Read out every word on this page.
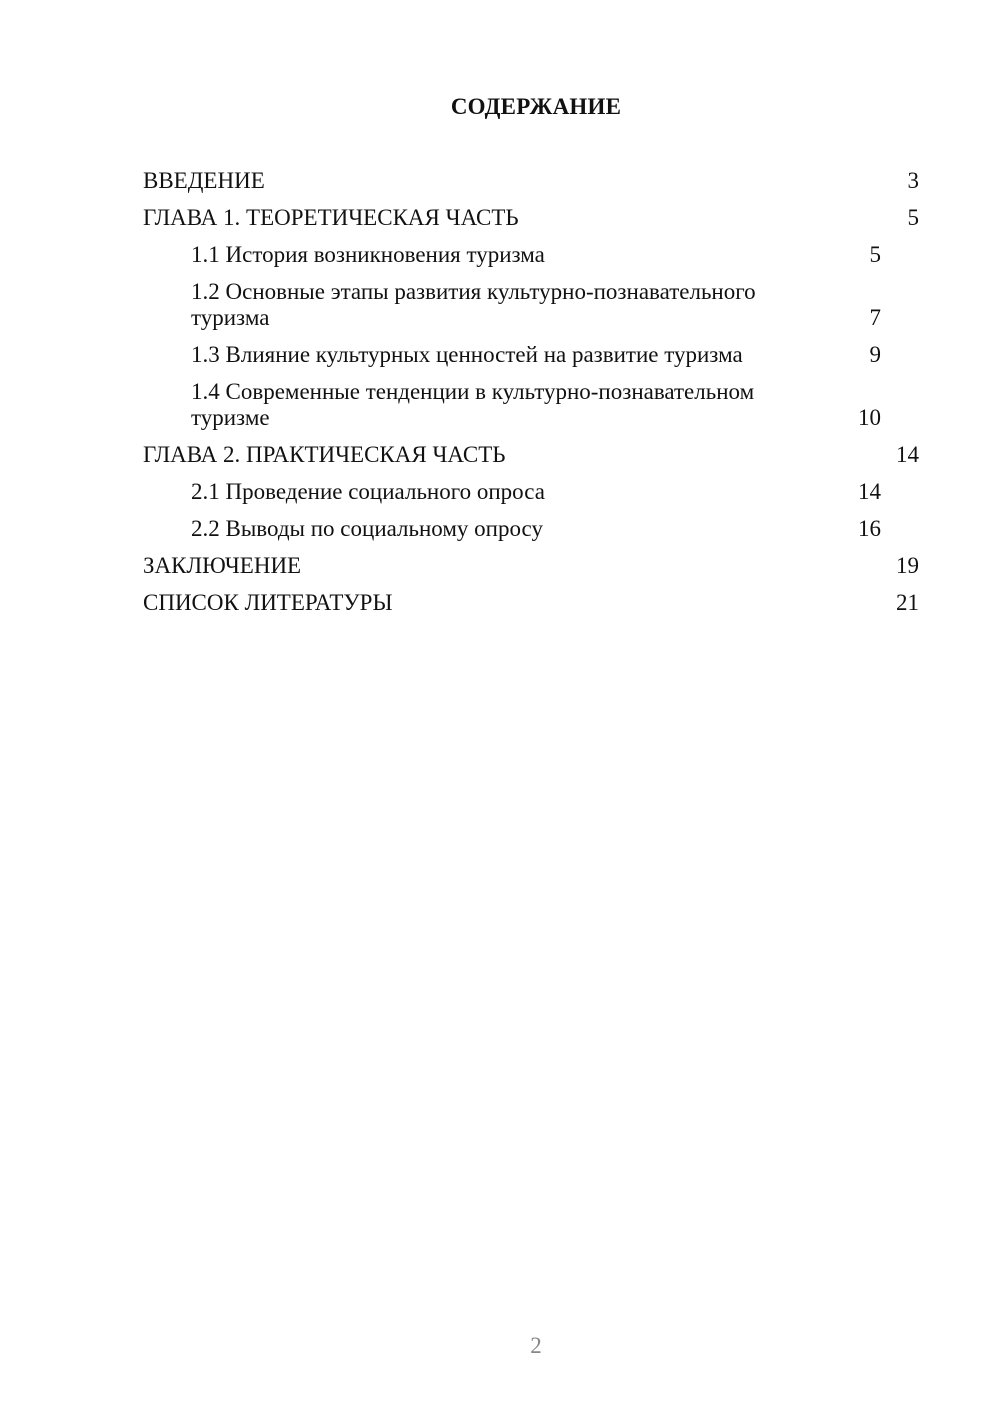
СОДЕРЖАНИЕ
ВВЕДЕНИЕ	3
ГЛАВА 1. ТЕОРЕТИЧЕСКАЯ ЧАСТЬ	5
1.1 История возникновения туризма	5
1.2 Основные этапы развития культурно-познавательного туризма	7
1.3 Влияние культурных ценностей на развитие туризма	9
1.4 Современные тенденции в культурно-познавательном туризме	10
ГЛАВА 2. ПРАКТИЧЕСКАЯ ЧАСТЬ	14
2.1 Проведение социального опроса	14
2.2 Выводы по социальному опросу	16
ЗАКЛЮЧЕНИЕ	19
СПИСОК ЛИТЕРАТУРЫ	21
2
